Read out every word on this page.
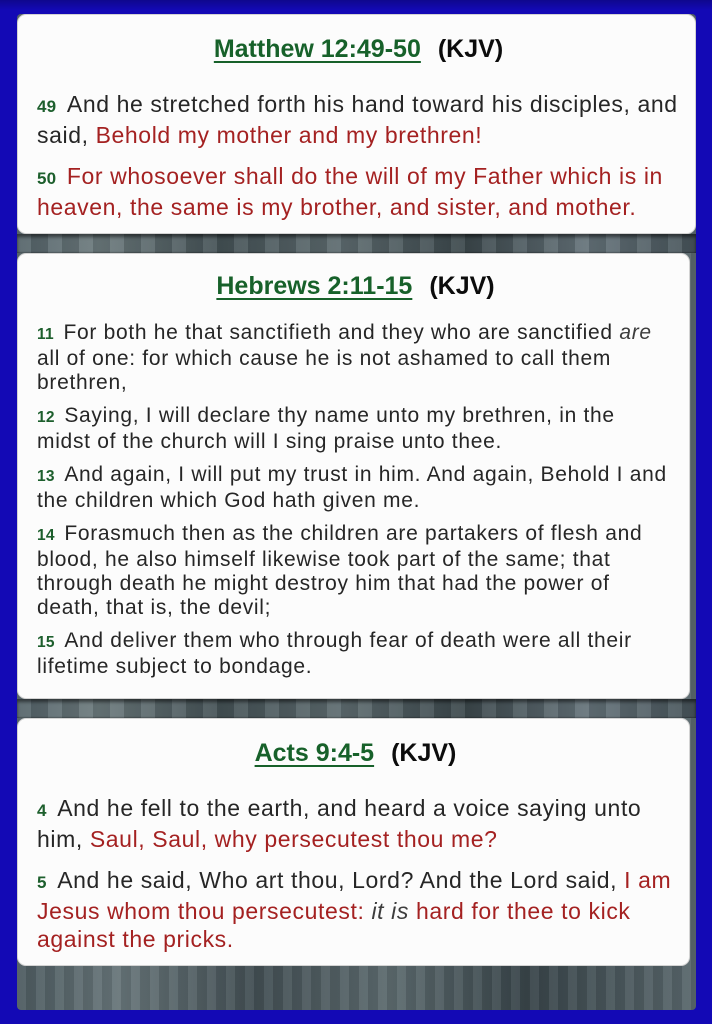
Matthew 12:49-50 (KJV)

49 And he stretched forth his hand toward his disciples, and said, Behold my mother and my brethren!

50 For whosoever shall do the will of my Father which is in heaven, the same is my brother, and sister, and mother.

Hebrews 2:11-15 (KJV)

11 For both he that sanctifieth and they who are sanctified are all of one: for which cause he is not ashamed to call them brethren,

12 Saying, I will declare thy name unto my brethren, in the midst of the church will I sing praise unto thee.

13 And again, I will put my trust in him. And again, Behold I and the children which God hath given me.

14 Forasmuch then as the children are partakers of flesh and blood, he also himself likewise took part of the same; that through death he might destroy him that had the power of death, that is, the devil;

15 And deliver them who through fear of death were all their lifetime subject to bondage.

Acts 9:4-5 (KJV)

4 And he fell to the earth, and heard a voice saying unto him, Saul, Saul, why persecutest thou me?

5 And he said, Who art thou, Lord? And the Lord said, I am Jesus whom thou persecutest: it is hard for thee to kick against the pricks.
